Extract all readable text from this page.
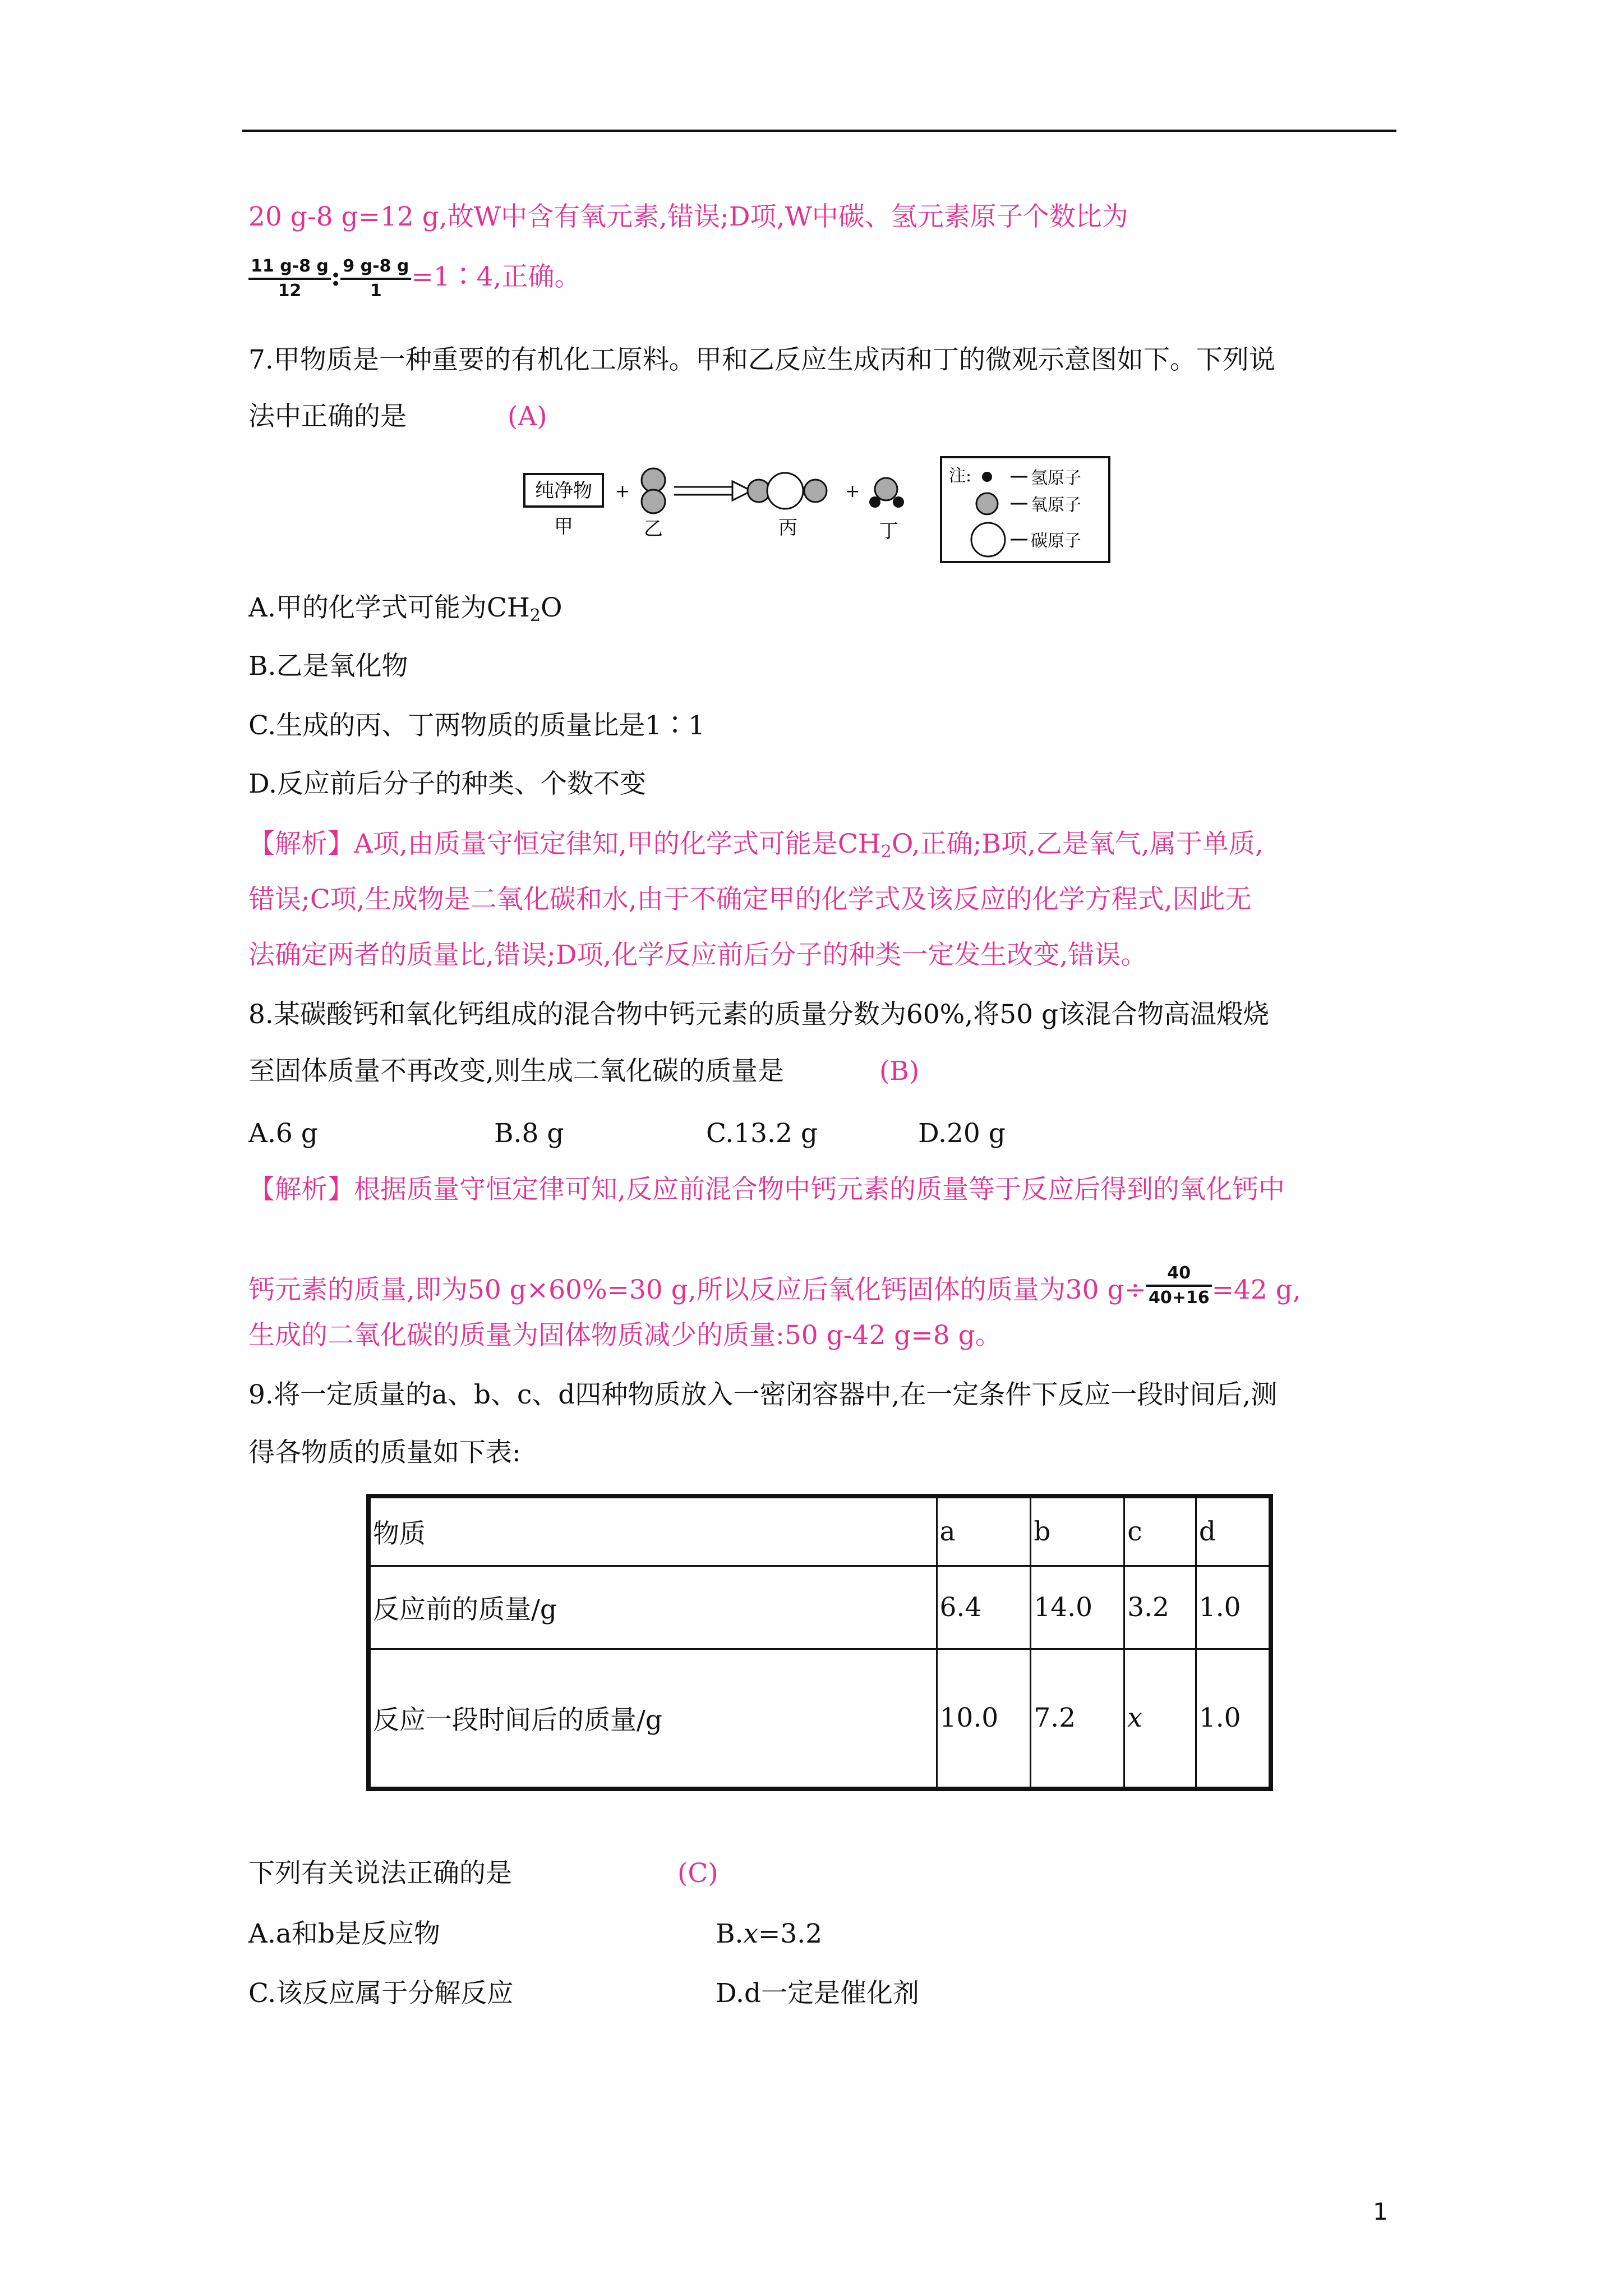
20 g-8 g=12 g,故W中含有氧元素,错误;D项,W中碳、氢元素原子个数比为
$\frac{11 g-8 g}{12}$ : $\frac{9 g-8 g}{1}$ =1∶4,正确。
7.甲物质是一种重要的有机化工原料。甲和乙反应生成丙和丁的微观示意图如下。下列说
法中正确的是	(A)
纯净物
甲
+
乙	丙
+
丁
注:	氢原子
氧原子
碳原子
A.甲的化学式可能为$CH_2O$
B.乙是氧化物
C.生成的丙、丁两物质的质量比是1∶1
D.反应前后分子的种类、个数不变
【解析】A项,由质量守恒定律知,甲的化学式可能是$CH_2O$,正确;B项,乙是氧气,属于单质,
错误;C项,生成物是二氧化碳和水,由于不确定甲的化学式及该反应的化学方程式,因此无
法确定两者的质量比,错误;D项,化学反应前后分子的种类一定发生改变,错误。
8.某碳酸钙和氧化钙组成的混合物中钙元素的质量分数为60%,将50 g该混合物高温煅烧
至固体质量不再改变,则生成二氧化碳的质量是	(B)
A.6 g	B.8 g	C.13.2 g	D.20 g
【解析】根据质量守恒定律可知,反应前混合物中钙元素的质量等于反应后得到的氧化钙中
钙元素的质量,即为50 g×60%=30 g,所以反应后氧化钙固体的质量为30 $g\div \frac{40}{40+16} =42$ g,
生成的二氧化碳的质量为固体物质减少的质量:50 g-42 g=8 g。
9.将一定质量的a、b、c、d四种物质放入一密闭容器中,在一定条件下反应一段时间后,测
得各物质的质量如下表:
物质	a	b	c	d
反应前的质量/g	6.4	14.0	3.2	1.0
反应一段时间后的质量/g	10.0	7.2	x	1.0
下列有关说法正确的是	(C)
A.a和b是反应物	B.x=3.2
C.该反应属于分解反应	D.d一定是催化剂
1
